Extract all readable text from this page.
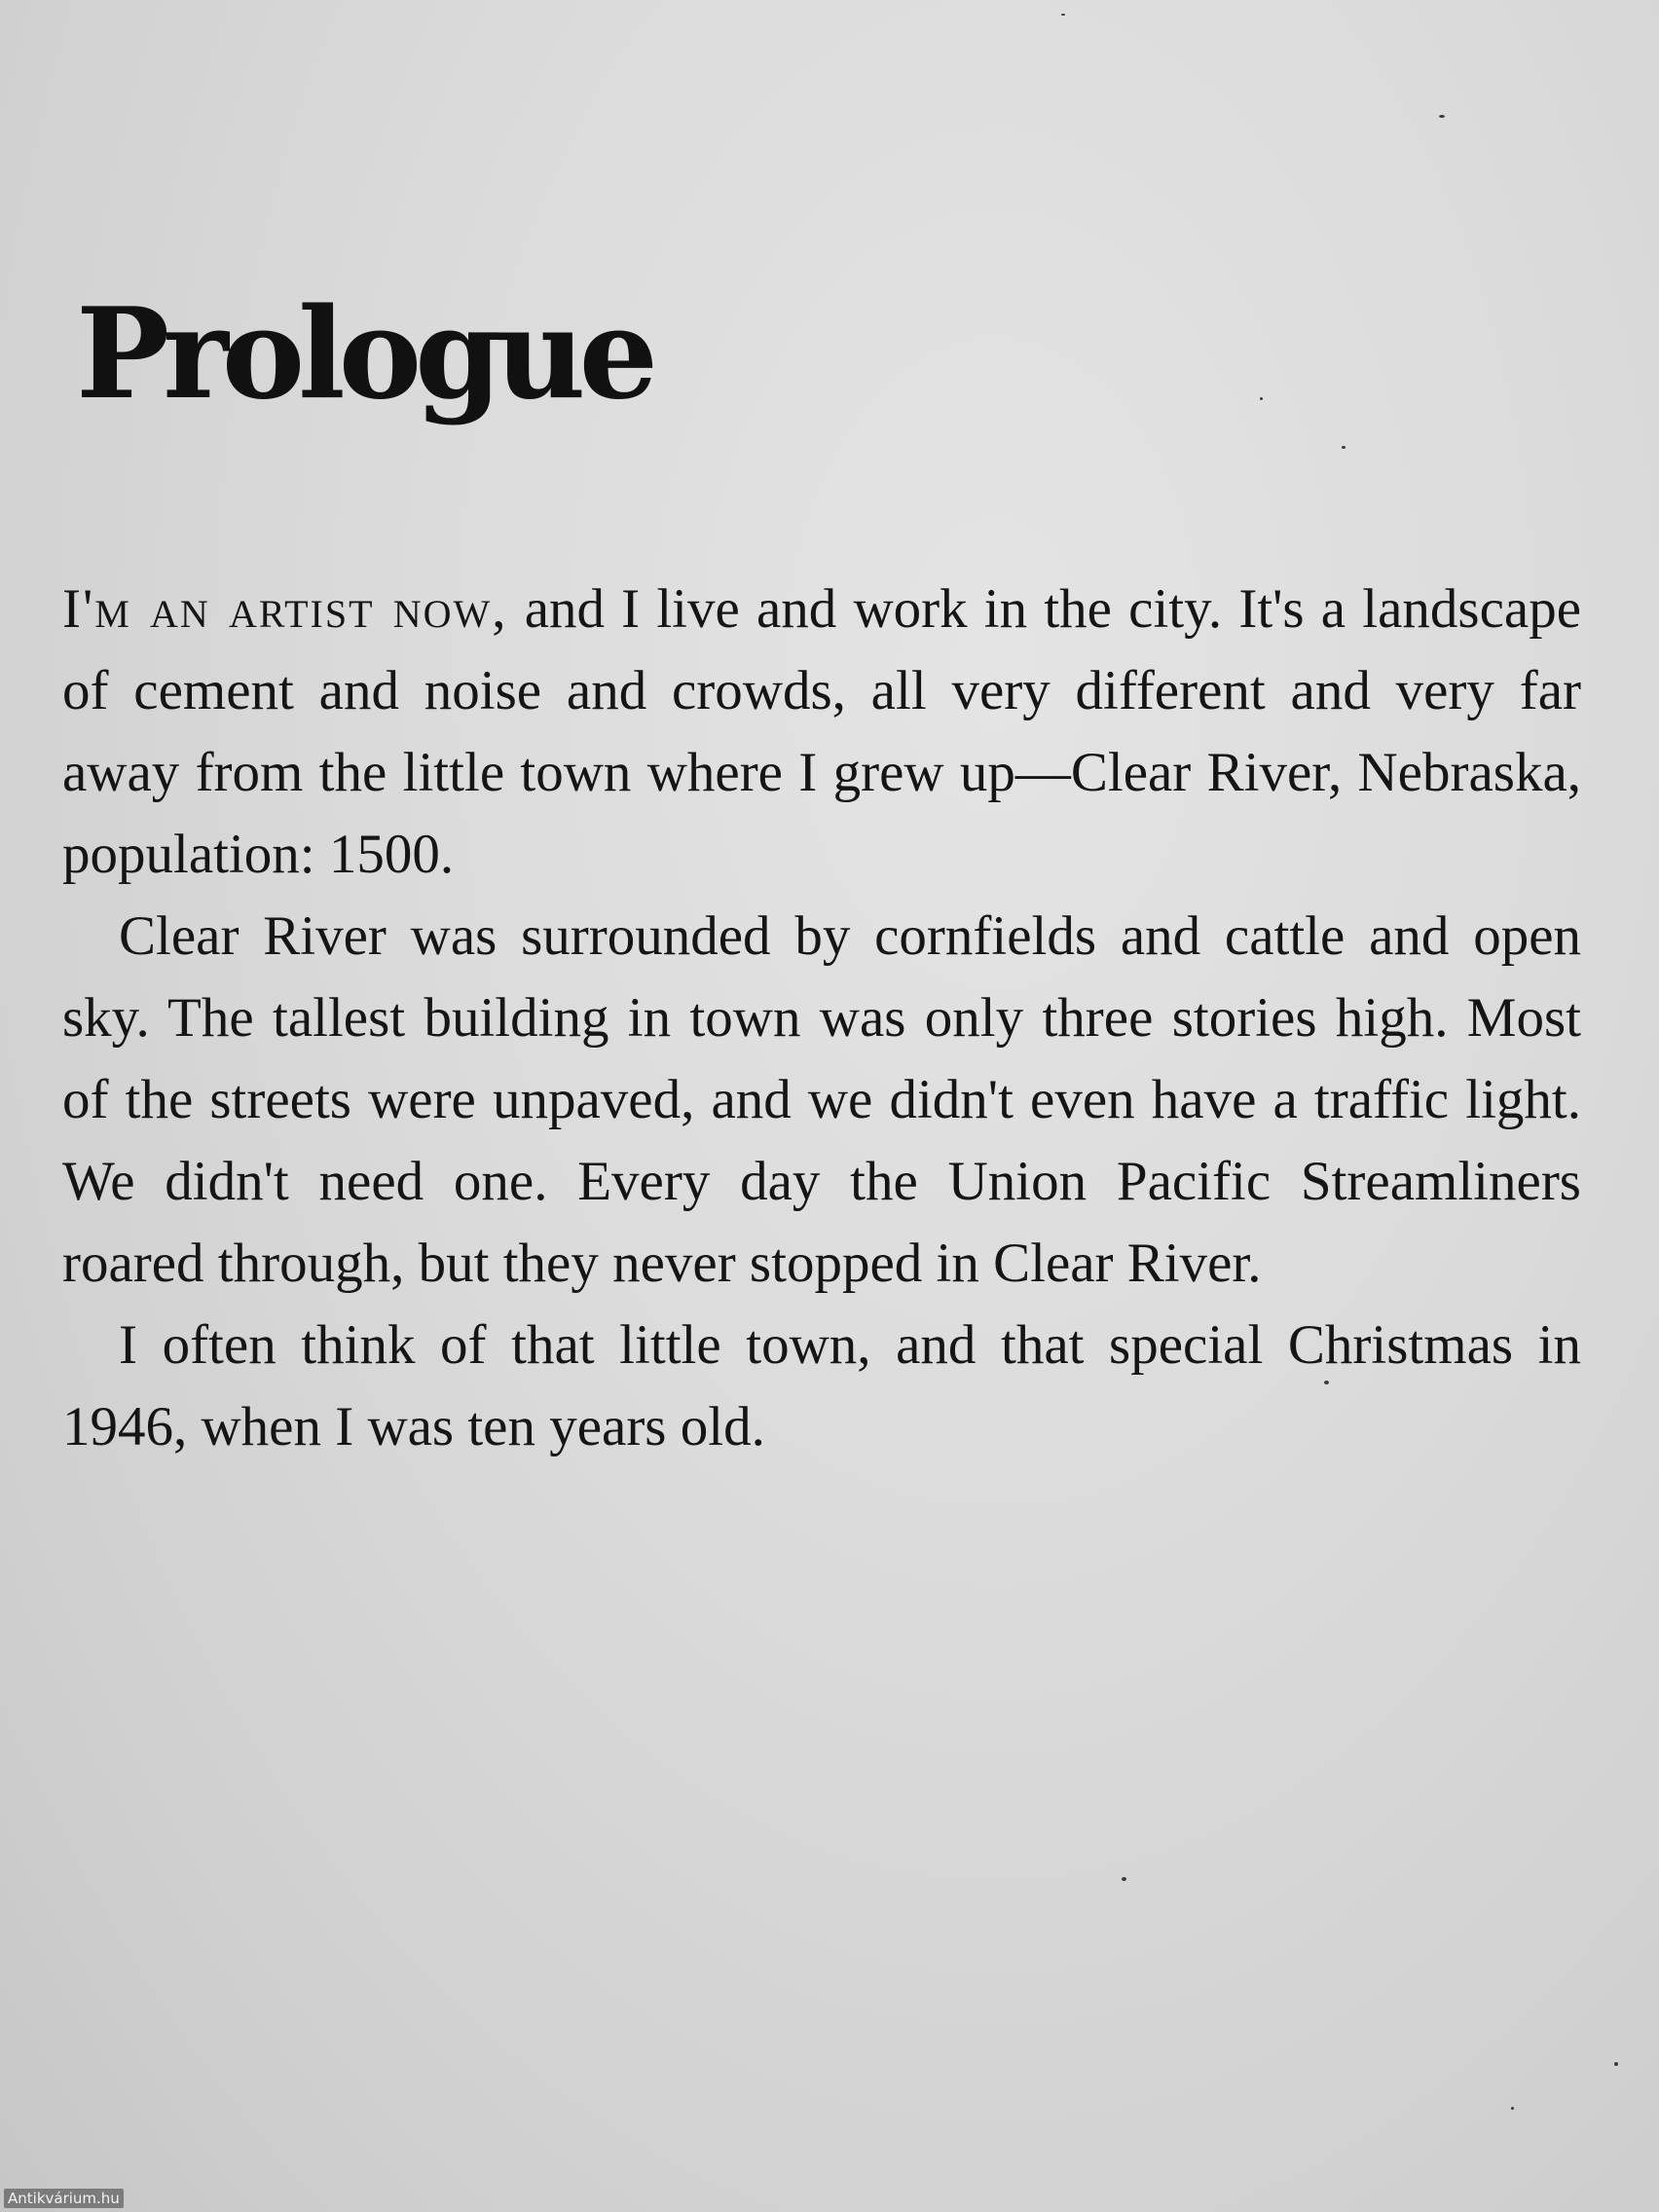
Prologue

I'm an artist now, and I live and work in the city. It's a landscape of cement and noise and crowds, all very different and very far away from the little town where I grew up—Clear River, Nebraska, population: 1500.

Clear River was surrounded by cornfields and cattle and open sky. The tallest building in town was only three stories high. Most of the streets were unpaved, and we didn't even have a traffic light. We didn't need one. Every day the Union Pacific Streamliners roared through, but they never stopped in Clear River.

I often think of that little town, and that special Christmas in 1946, when I was ten years old.

Antikvárium.hu
